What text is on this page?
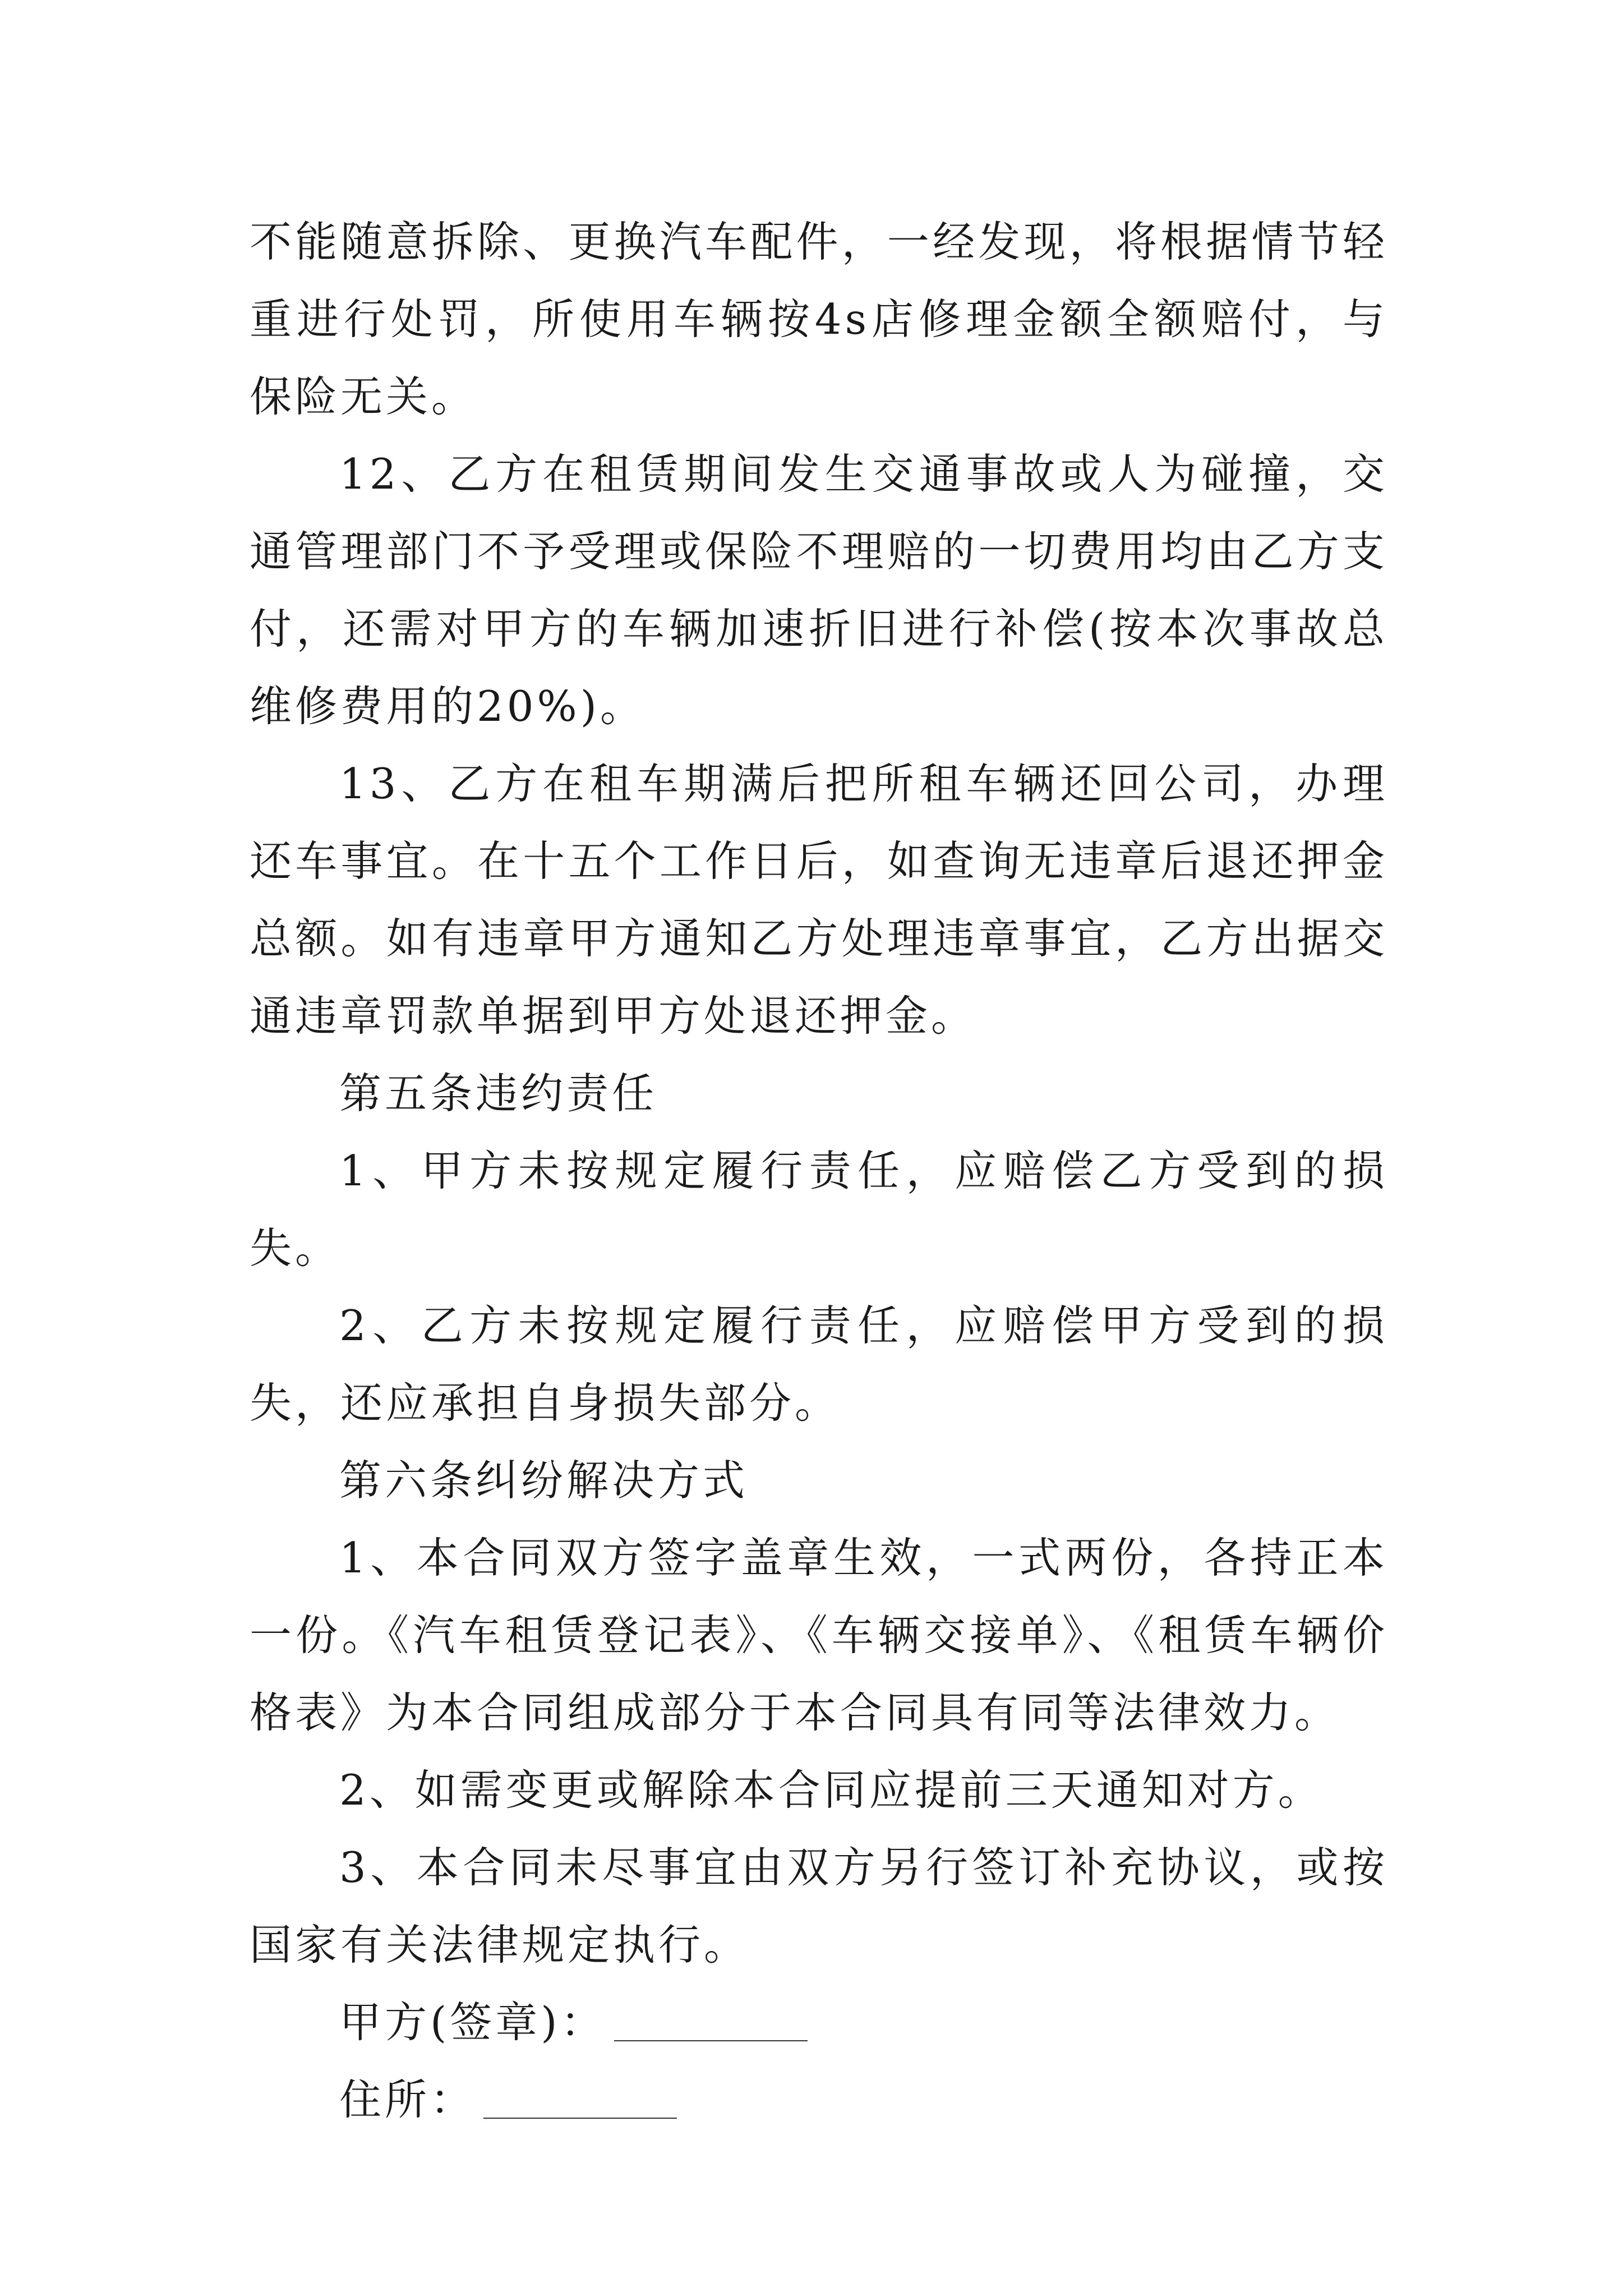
不能随意拆除、更换汽车配件，一经发现，将根据情节轻重进行处罚，所使用车辆按4s店修理金额全额赔付，与保险无关。

12、乙方在租赁期间发生交通事故或人为碰撞，交通管理部门不予受理或保险不理赔的一切费用均由乙方支付，还需对甲方的车辆加速折旧进行补偿(按本次事故总维修费用的20%)。

13、乙方在租车期满后把所租车辆还回公司，办理还车事宜。在十五个工作日后，如查询无违章后退还押金总额。如有违章甲方通知乙方处理违章事宜，乙方出据交通违章罚款单据到甲方处退还押金。

第五条违约责任

1、甲方未按规定履行责任，应赔偿乙方受到的损失。

2、乙方未按规定履行责任，应赔偿甲方受到的损失，还应承担自身损失部分。

第六条纠纷解决方式

1、本合同双方签字盖章生效，一式两份，各持正本一份。《汽车租赁登记表》、《车辆交接单》、《租赁车辆价格表》为本合同组成部分于本合同具有同等法律效力。

2、如需变更或解除本合同应提前三天通知对方。

3、本合同未尽事宜由双方另行签订补充协议，或按国家有关法律规定执行。

甲方(签章)：

住所：
